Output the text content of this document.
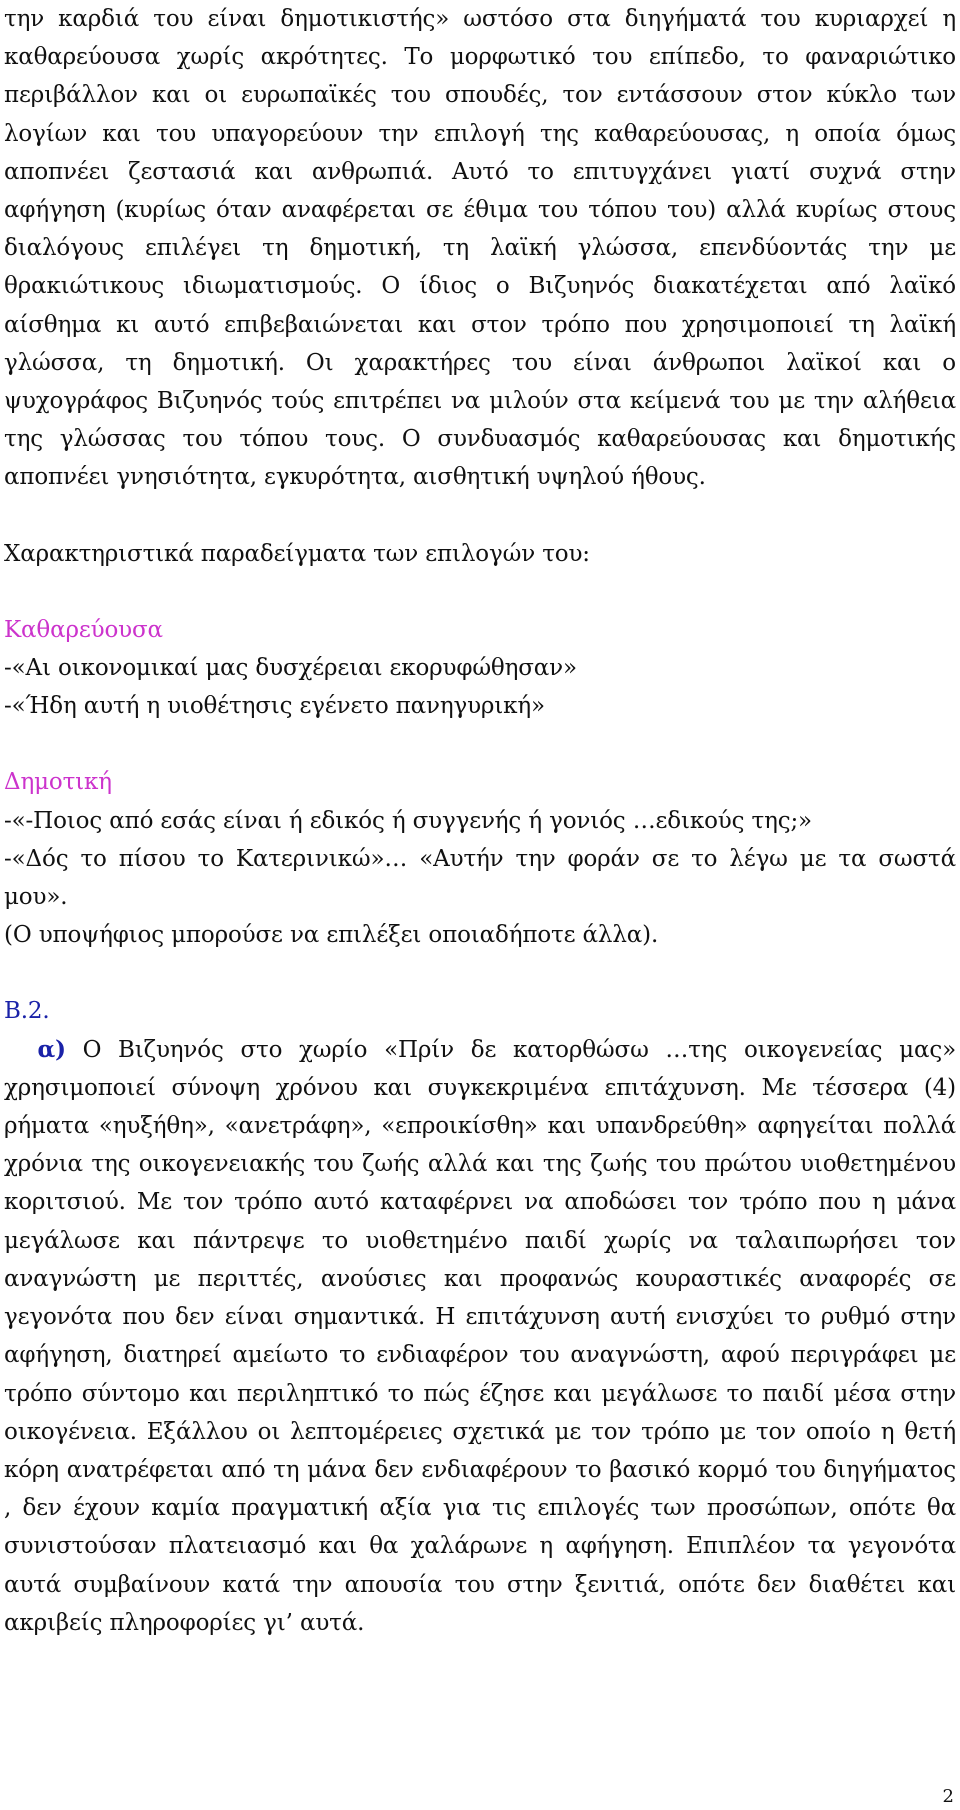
την καρδιά του είναι δημοτικιστής» ωστόσο στα διηγήματά του κυριαρχεί η καθαρεύουσα χωρίς ακρότητες. Το μορφωτικό του επίπεδο, το φαναριώτικο περιβάλλον και οι ευρωπαϊκές του σπουδές, τον εντάσσουν στον κύκλο των λογίων και του υπαγορεύουν την επιλογή της καθαρεύουσας, η οποία όμως αποπνέει ζεστασιά και ανθρωπιά. Αυτό το επιτυγχάνει γιατί συχνά στην αφήγηση (κυρίως όταν αναφέρεται σε έθιμα του τόπου του) αλλά κυρίως στους διαλόγους επιλέγει τη δημοτική, τη λαϊκή γλώσσα, επενδύοντάς την με θρακιώτικους ιδιωματισμούς. Ο ίδιος ο Βιζυηνός διακατέχεται από λαϊκό αίσθημα κι αυτό επιβεβαιώνεται και στον τρόπο που χρησιμοποιεί τη λαϊκή γλώσσα, τη δημοτική. Οι χαρακτήρες του είναι άνθρωποι λαϊκοί και ο ψυχογράφος Βιζυηνός τούς επιτρέπει να μιλούν στα κείμενά του με την αλήθεια της γλώσσας του τόπου τους. Ο συνδυασμός καθαρεύουσας και δημοτικής αποπνέει γνησιότητα, εγκυρότητα, αισθητική υψηλού ήθους.

Χαρακτηριστικά παραδείγματα των επιλογών του:

Καθαρεύουσα

-«Αι οικονομικαί μας δυσχέρειαι εκορυφώθησαν»

-«Ήδη αυτή η υιοθέτησις εγένετο πανηγυρική»

Δημοτική

-«-Ποιος από εσάς είναι ή εδικός ή συγγενής ή γονιός …εδικούς της;»

-«Δός το πίσου το Κατερινικώ»… «Αυτήν την φοράν σε το λέγω με τα σωστά μου».

(Ο υποψήφιος μπορούσε να επιλέξει οποιαδήποτε άλλα).

Β.2.

α) Ο Βιζυηνός στο χωρίο «Πρίν δε κατορθώσω …της οικογενείας μας» χρησιμοποιεί σύνοψη χρόνου και συγκεκριμένα επιτάχυνση. Με τέσσερα (4) ρήματα «ηυξήθη», «ανετράφη», «επροικίσθη» και υπανδρεύθη» αφηγείται πολλά χρόνια της οικογενειακής του ζωής αλλά και της ζωής του πρώτου υιοθετημένου κοριτσιού. Με τον τρόπο αυτό καταφέρνει να αποδώσει τον τρόπο που η μάνα μεγάλωσε και πάντρεψε το υιοθετημένο παιδί χωρίς να ταλαιπωρήσει τον αναγνώστη με περιττές, ανούσιες και προφανώς κουραστικές αναφορές σε γεγονότα που δεν είναι σημαντικά. Η επιτάχυνση αυτή ενισχύει το ρυθμό στην αφήγηση, διατηρεί αμείωτο το ενδιαφέρον του αναγνώστη, αφού περιγράφει με τρόπο σύντομο και περιληπτικό το πώς έζησε και μεγάλωσε το παιδί μέσα στην οικογένεια. Εξάλλου οι λεπτομέρειες σχετικά με τον τρόπο με τον οποίο η θετή κόρη ανατρέφεται από τη μάνα δεν ενδιαφέρουν το βασικό κορμό του διηγήματος , δεν έχουν καμία πραγματική αξία για τις επιλογές των προσώπων, οπότε θα συνιστούσαν πλατειασμό και θα χαλάρωνε η αφήγηση. Επιπλέον τα γεγονότα αυτά συμβαίνουν κατά την απουσία του στην ξενιτιά, οπότε δεν διαθέτει και ακριβείς πληροφορίες γι’ αυτά.

2
